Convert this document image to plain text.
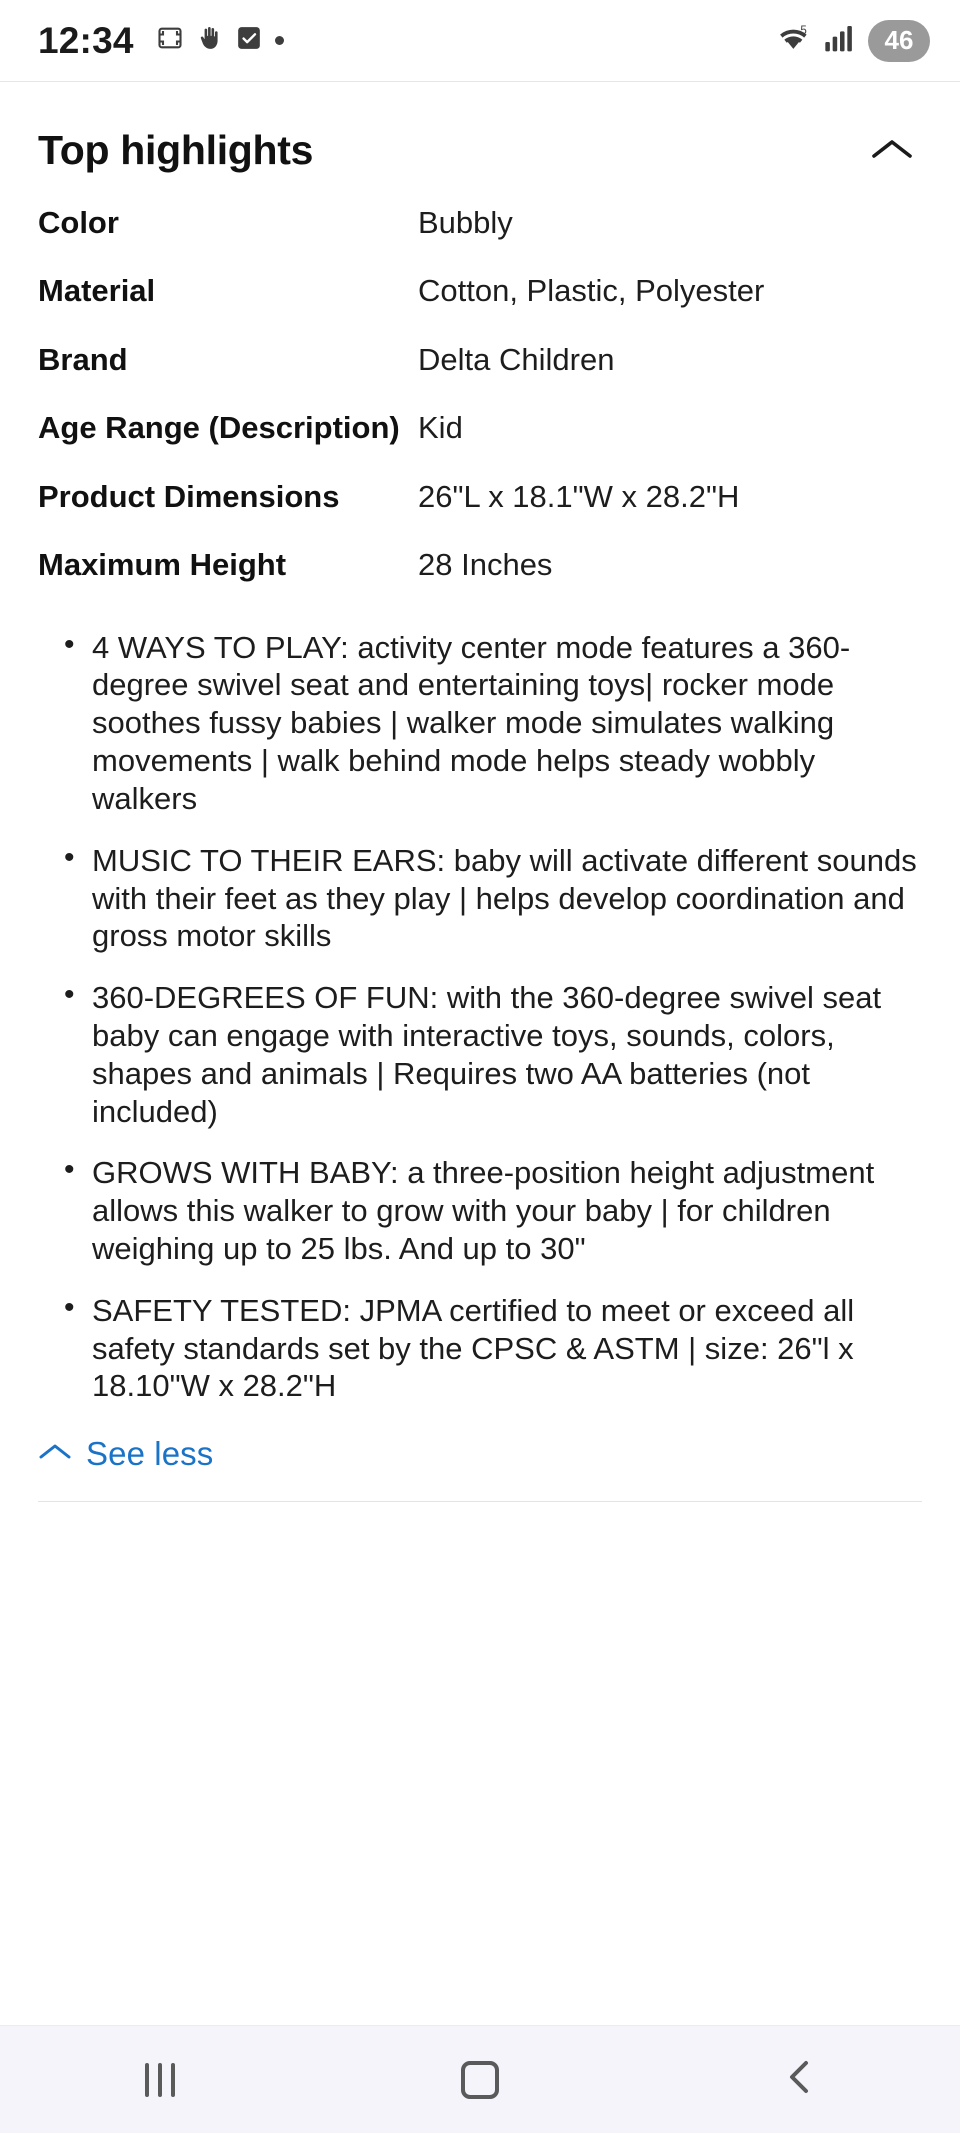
12:34	5	46
Top highlights
Color	Bubbly
Material	Cotton, Plastic, Polyester
Brand	Delta Children
Age Range (Description)	Kid
Product Dimensions	26"L x 18.1"W x 28.2"H
Maximum Height	28 Inches
• 4 WAYS TO PLAY: activity center mode features a 360-degree swivel seat and entertaining toys| rocker mode soothes fussy babies | walker mode simulates walking movements | walk behind mode helps steady wobbly walkers
• MUSIC TO THEIR EARS: baby will activate different sounds with their feet as they play | helps develop coordination and gross motor skills
• 360-DEGREES OF FUN: with the 360-degree swivel seat baby can engage with interactive toys, sounds, colors, shapes and animals | Requires two AA batteries (not included)
• GROWS WITH BABY: a three-position height adjustment allows this walker to grow with your baby | for children weighing up to 25 lbs. And up to 30"
• SAFETY TESTED: JPMA certified to meet or exceed all safety standards set by the CPSC & ASTM | size: 26"l x 18.10"W x 28.2"H
See less
